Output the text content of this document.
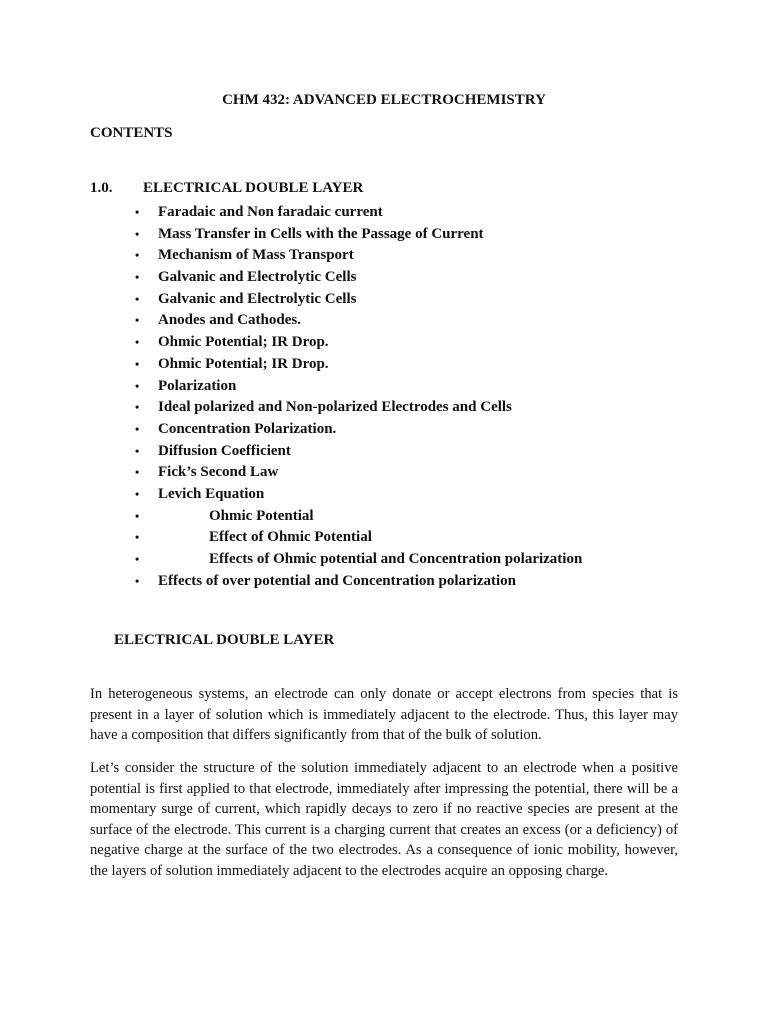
CHM 432: ADVANCED ELECTROCHEMISTRY
CONTENTS
1.0. ELECTRICAL DOUBLE LAYER
•	Faradaic and Non faradaic current
•	Mass Transfer in Cells with the Passage of Current
•	Mechanism of Mass Transport
•	Galvanic and Electrolytic Cells
•	Galvanic and Electrolytic Cells
•	Anodes and Cathodes.
•	Ohmic Potential; IR Drop.
•	Ohmic Potential; IR Drop.
•	Polarization
•	Ideal polarized and Non-polarized Electrodes and Cells
•	Concentration Polarization.
•	Diffusion Coefficient
•	Fick’s Second Law
•	Levich Equation
•	Ohmic Potential
•	Effect of Ohmic Potential
•	Effects of Ohmic potential and Concentration polarization
•	Effects of over potential and Concentration polarization
ELECTRICAL DOUBLE LAYER

In heterogeneous systems, an electrode can only donate or accept electrons from species that is present in a layer of solution which is immediately adjacent to the electrode. Thus, this layer may have a composition that differs significantly from that of the bulk of solution.

Let’s consider the structure of the solution immediately adjacent to an electrode when a positive potential is first applied to that electrode, immediately after impressing the potential, there will be a momentary surge of current, which rapidly decays to zero if no reactive species are present at the surface of the electrode. This current is a charging current that creates an excess (or a deficiency) of negative charge at the surface of the two electrodes. As a consequence of ionic mobility, however, the layers of solution immediately adjacent to the electrodes acquire an opposing charge.
